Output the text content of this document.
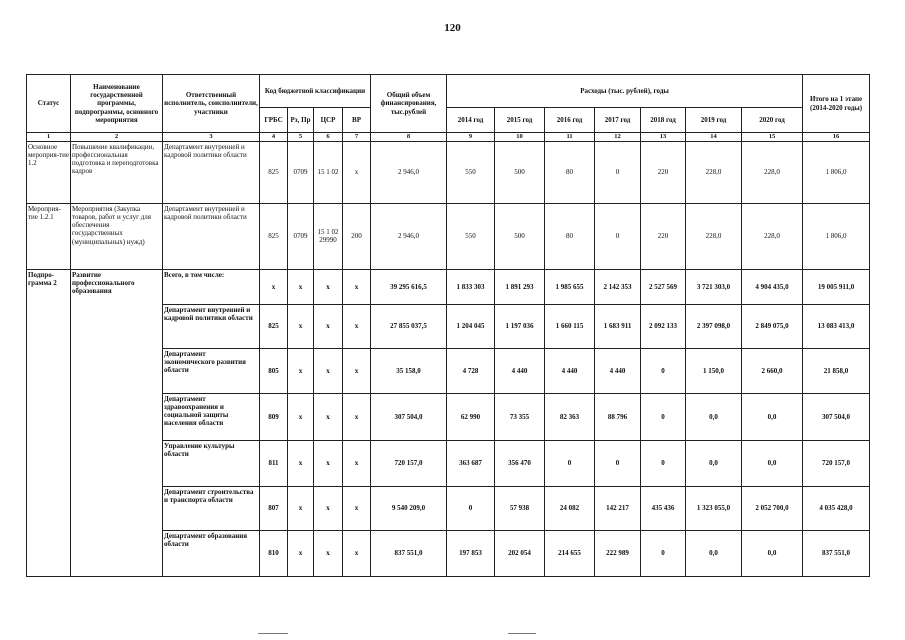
120
Статус	Наименование государственной программы, подпрограммы, основного мероприятия	Ответственный исполнитель, соисполнители, участники	Код бюджетной классификации				Общий объем финансирования, тыс.рублей	Расходы (тыс. рублей), годы							Итого на 1 этапе (2014-2020 годы)
			ГРБС	Рз, Пр	ЦСР	ВР		2014 год	2015 год	2016 год	2017 год	2018 год	2019 год	2020 год	
1	2	3	4	5	6	7	8	9	10	11	12	13	14	15	16
Основное мероприя-тие 1.2	Повышение квалификации, профессиональная подготовка и переподготовка кадров	Департамент внутренней и кадровой политики области	825	0709	15 1 02	х	2 946,0	550	500	80	0	220	228,0	228,0	1 806,0
Мероприя-тие 1.2.1	Мероприятия (Закупка товаров, работ и услуг для обеспечения государственных (муниципальных) нужд)	Департамент внутренней и кадровой политики области	825	0709	15 1 02 29990	200	2 946,0	550	500	80	0	220	228,0	228,0	1 806,0
Подпро-грамма 2	Развитие профессионального образования	Всего, в том числе:	х	х	х	х	39 295 616,5	1 833 303	1 891 293	1 985 655	2 142 353	2 527 569	3 721 303,0	4 904 435,0	19 005 911,0
		Департамент внутренней и кадровой политики области	825	х	х	х	27 855 037,5	1 204 045	1 197 036	1 660 115	1 683 911	2 092 133	2 397 098,0	2 849 075,0	13 083 413,0
		Департамент экономического развития области	805	х	х	х	35 158,0	4 728	4 440	4 440	4 440	0	1 150,0	2 660,0	21 858,0
		Департамент здравоохранения и социальной защиты населения области	809	х	х	х	307 504,0	62 990	73 355	82 363	88 796	0	0,0	0,0	307 504,0
		Управление культуры области	811	х	х	х	720 157,0	363 687	356 470	0	0	0	0,0	0,0	720 157,0
		Департамент строительства и транспорта области	807	х	х	х	9 540 209,0	0	57 938	24 082	142 217	435 436	1 323 055,0	2 052 700,0	4 035 428,0
		Департамент образования области	810	х	х	х	837 551,0	197 853	202 054	214 655	222 989	0	0,0	0,0	837 551,0
